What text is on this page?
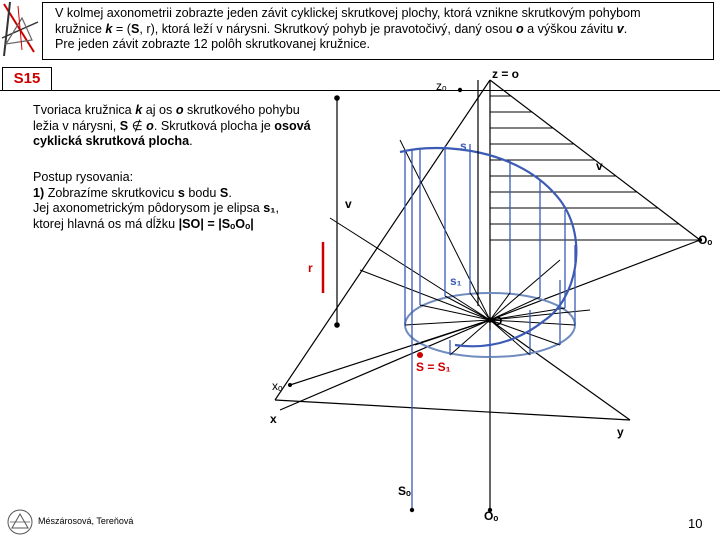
V kolmej axonometrii zobrazte jeden závit cyklickej skrutkovej plochy, ktorá vznikne skrutkovým pohybom

kružnice k = (S, r), ktorá leží v nárysni. Skrutkový pohyb je pravotočivý, daný osou o a výškou závitu v.

Pre jeden závit zobrazte 12 polôh skrutkovanej kružnice.

S15	zₒ
z = o
s
v
v
Oₒ
r
s₁
O
S = S₁
xₒ
x
y
Sₒ
Oₒ
Tvoriaca kružnica k aj os o skrutkového pohybu ležia v nárysni, S ∉ o. Skrutková plocha je osová cyklická skrutková plocha.
Postup rysovania:
1) Zobrazíme skrutkovicu s bodu S.
Jej axonometrickým pôdorysom je elipsa s₁,
ktorej hlavná os má dĺžku |SO| = |SₒOₒ|
Mészárosová, Tereňová	10
